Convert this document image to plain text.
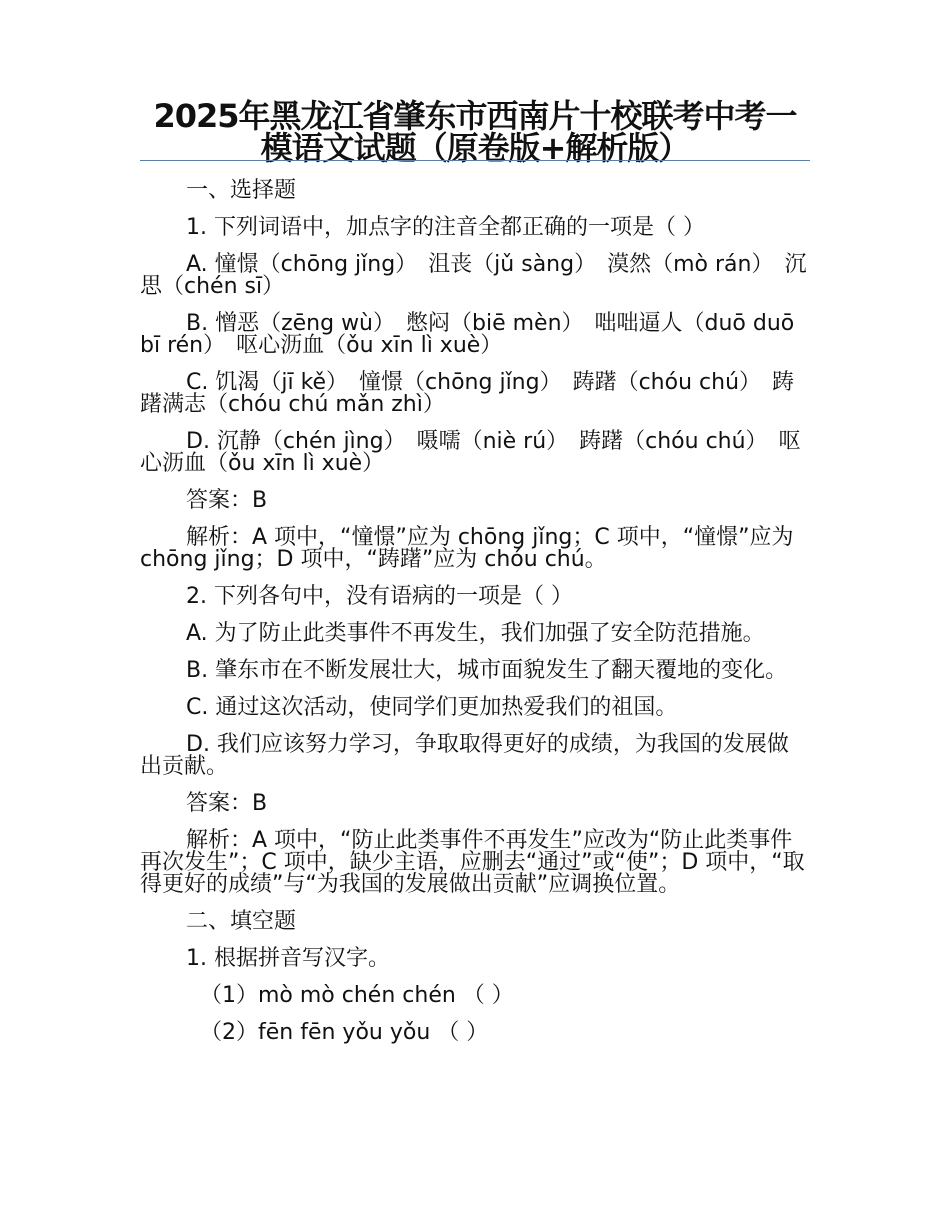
2025年黑龙江省肇东市西南片十校联考中考一模语文试题（原卷版+解析版）

一、选择题

1. 下列词语中，加点字的注音全都正确的一项是（ ）

A. 憧憬（chōng jǐng）　沮丧（jǔ sàng）　漠然（mò rán）　沉思（chén sī）

B. 憎恶（zēng wù）　憋闷（biē mèn）　咄咄逼人（duō duō bī rén）　呕心沥血（ǒu xīn lì xuè）

C. 饥渴（jī kě）　憧憬（chōng jǐng）　踌躇（chóu chú）　踌躇满志（chóu chú mǎn zhì）

D. 沉静（chén jìng）　嗫嚅（niè rú）　踌躇（chóu chú）　呕心沥血（ǒu xīn lì xuè）

答案：B

解析：A 项中，“憧憬”应为 chōng jǐng；C 项中，“憧憬”应为 chōng jǐng；D 项中，“踌躇”应为 chóu chú。

2. 下列各句中，没有语病的一项是（ ）

A. 为了防止此类事件不再发生，我们加强了安全防范措施。

B. 肇东市在不断发展壮大，城市面貌发生了翻天覆地的变化。

C. 通过这次活动，使同学们更加热爱我们的祖国。

D. 我们应该努力学习，争取取得更好的成绩，为我国的发展做出贡献。

答案：B

解析：A 项中，“防止此类事件不再发生”应改为“防止此类事件再次发生”；C 项中，缺少主语，应删去“通过”或“使”；D 项中，“取得更好的成绩”与“为我国的发展做出贡献”应调换位置。

二、填空题

1. 根据拼音写汉字。

（1）mò mò chén chén （ ）

（2）fēn fēn yǒu yǒu （ ）
